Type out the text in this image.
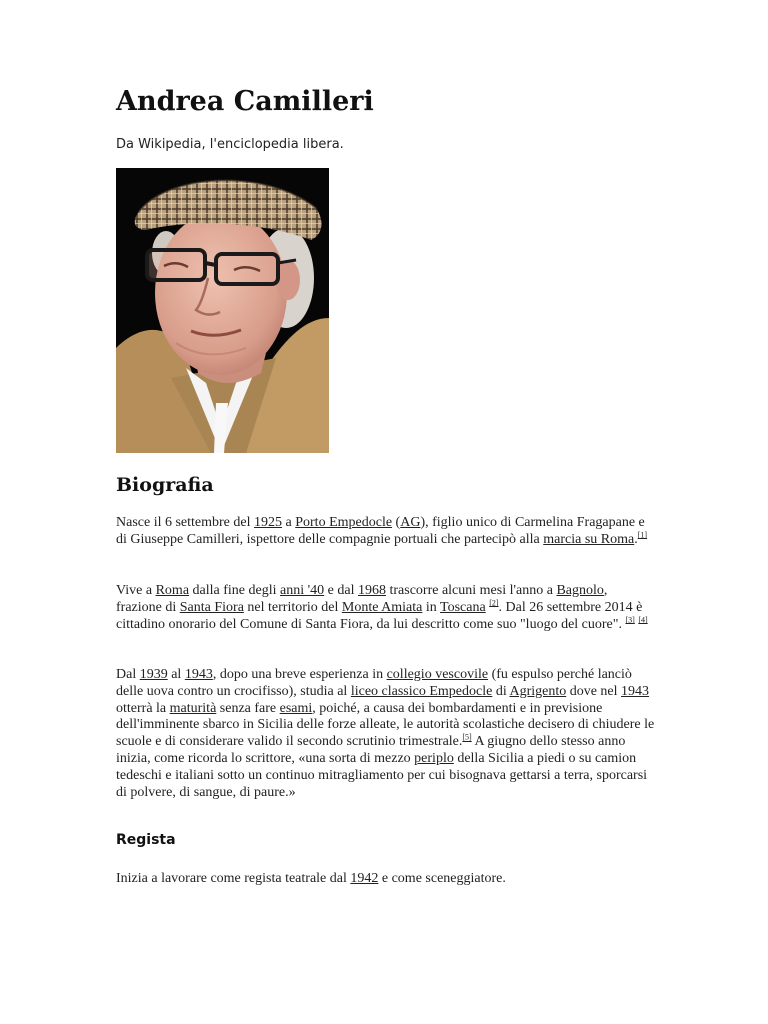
Andrea Camilleri
Da Wikipedia, l'enciclopedia libera.
Biografia

Nasce il 6 settembre del 1925 a Porto Empedocle (AG), figlio unico di Carmelina Fragapane e di Giuseppe Camilleri, ispettore delle compagnie portuali che partecipò alla marcia su Roma.[1]

Vive a Roma dalla fine degli anni '40 e dal 1968 trascorre alcuni mesi l'anno a Bagnolo, frazione di Santa Fiora nel territorio del Monte Amiata in Toscana [2]. Dal 26 settembre 2014 è cittadino onorario del Comune di Santa Fiora, da lui descritto come suo "luogo del cuore". [3] [4]

Dal 1939 al 1943, dopo una breve esperienza in collegio vescovile (fu espulso perché lanciò delle uova contro un crocifisso), studia al liceo classico Empedocle di Agrigento dove nel 1943 otterrà la maturità senza fare esami, poiché, a causa dei bombardamenti e in previsione dell'imminente sbarco in Sicilia delle forze alleate, le autorità scolastiche decisero di chiudere le scuole e di considerare valido il secondo scrutinio trimestrale.[5] A giugno dello stesso anno inizia, come ricorda lo scrittore, «una sorta di mezzo periplo della Sicilia a piedi o su camion tedeschi e italiani sotto un continuo mitragliamento per cui bisognava gettarsi a terra, sporcarsi di polvere, di sangue, di paure.»

Regista

Inizia a lavorare come regista teatrale dal 1942 e come sceneggiatore.
